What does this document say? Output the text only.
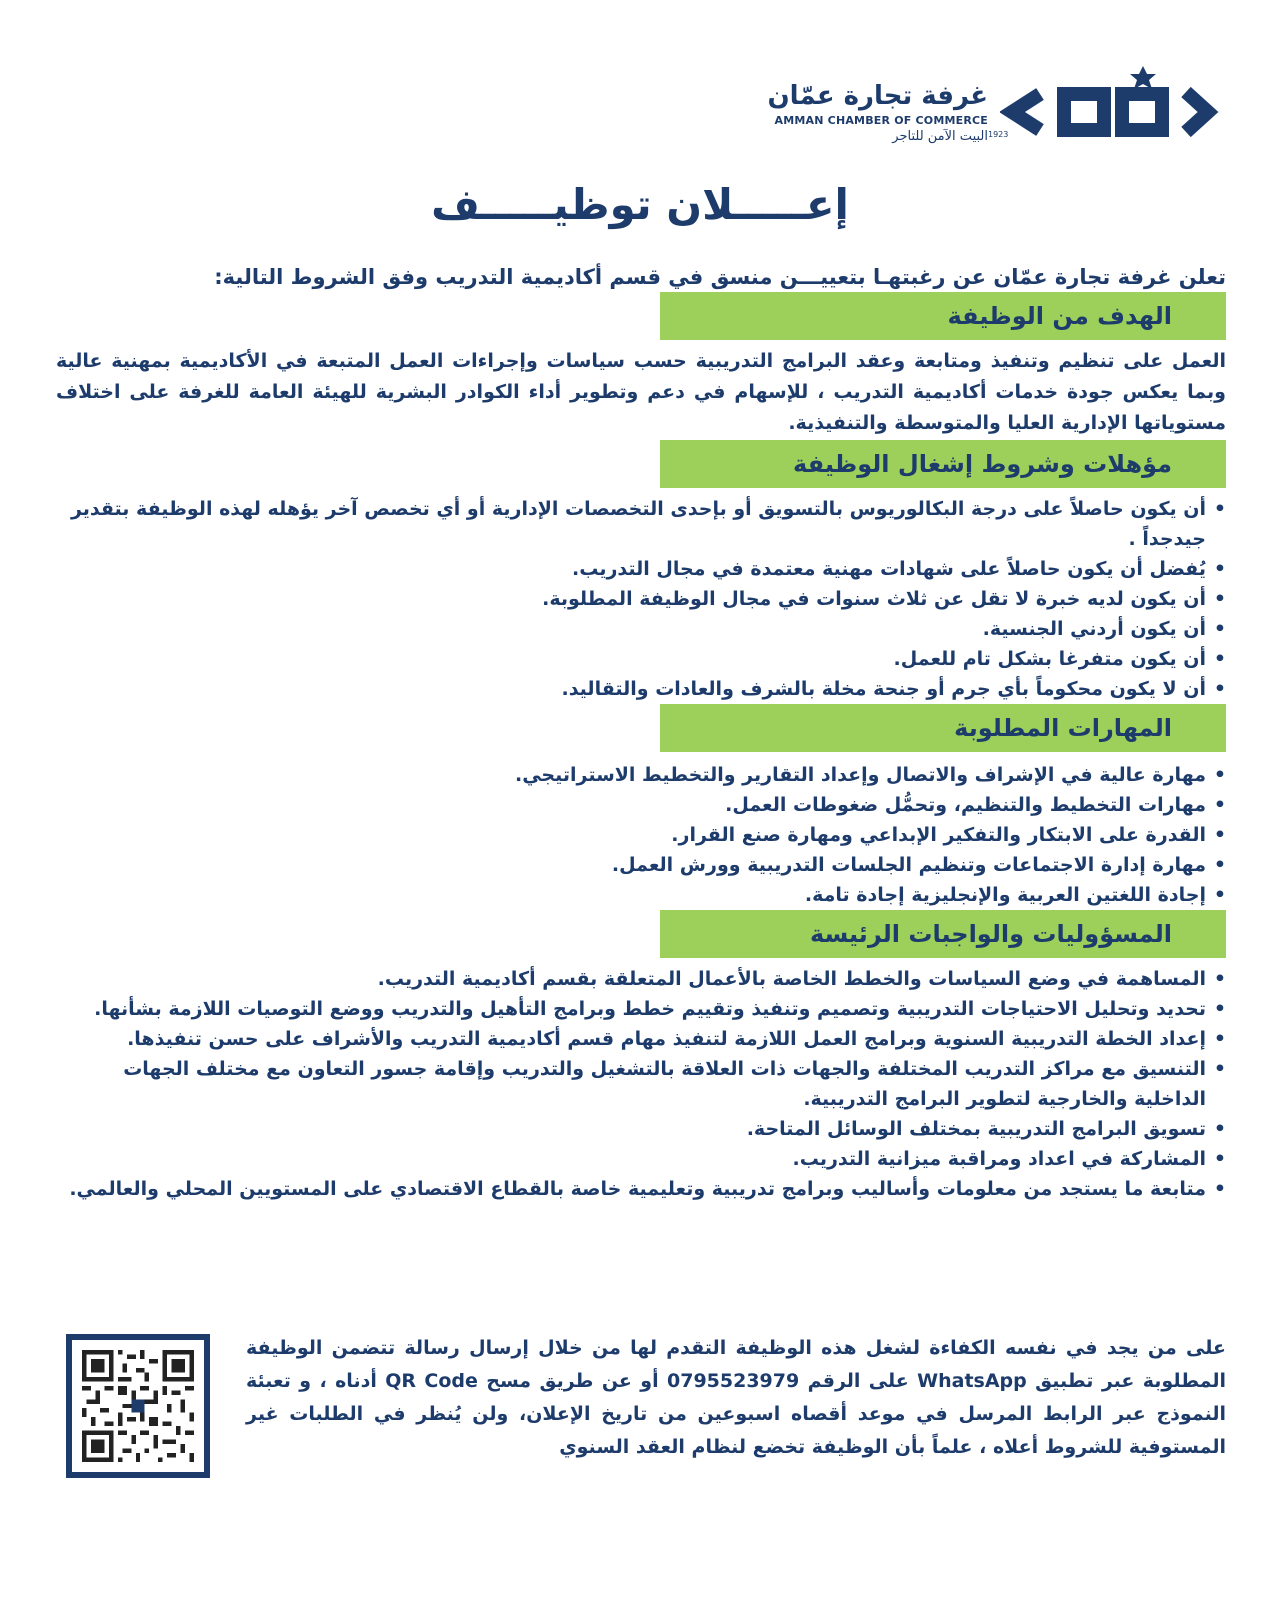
1923
غرفة تجارة عمّان
AMMAN CHAMBER OF COMMERCE
البيت الآمن للتاجر
إعـــــلان توظيـــــف
تعلن غرفة تجارة عمّان عن رغبتهـا بتعييـــن منسق في قسم أكاديمية التدريب وفق الشروط التالية:
الهدف من الوظيفة
العمل على تنظيم وتنفيذ ومتابعة وعقد البرامج التدريبية حسب سياسات وإجراءات العمل المتبعة في الأكاديمية بمهنية عالية وبما يعكس جودة خدمات أكاديمية التدريب ، للإسهام في دعم وتطوير أداء الكوادر البشرية للهيئة العامة للغرفة على اختلاف مستوياتها الإدارية العليا والمتوسطة والتنفيذية.
مؤهلات وشروط إشغال الوظيفة
• أن يكون حاصلاً على درجة البكالوريوس بالتسويق أو بإحدى التخصصات الإدارية أو أي تخصص آخر يؤهله لهذه الوظيفة بتقدير جيدجداً .
• يُفضل أن يكون حاصلاً على شهادات مهنية معتمدة في مجال التدريب.
• أن يكون لديه خبرة لا تقل عن ثلاث سنوات في مجال الوظيفة المطلوبة.
• أن يكون أردني الجنسية.
• أن يكون متفرغا بشكل تام للعمل.
• أن لا يكون محكوماً بأي جرم أو جنحة مخلة بالشرف والعادات والتقاليد.
المهارات المطلوبة
• مهارة عالية في الإشراف والاتصال وإعداد التقارير والتخطيط الاستراتيجي.
• مهارات التخطيط والتنظيم، وتحمُّل ضغوطات العمل.
• القدرة على الابتكار والتفكير الإبداعي ومهارة صنع القرار.
• مهارة إدارة الاجتماعات وتنظيم الجلسات التدريبية وورش العمل.
• إجادة اللغتين العربية والإنجليزية إجادة تامة.
المسؤوليات والواجبات الرئيسة
• المساهمة في وضع السياسات والخطط الخاصة بالأعمال المتعلقة بقسم أكاديمية التدريب.
• تحديد وتحليل الاحتياجات التدريبية وتصميم وتنفيذ وتقييم خطط وبرامج التأهيل والتدريب ووضع التوصيات اللازمة بشأنها.
• إعداد الخطة التدريبية السنوية وبرامج العمل اللازمة لتنفيذ مهام قسم أكاديمية التدريب والأشراف على حسن تنفيذها.
• التنسيق مع مراكز التدريب المختلفة والجهات ذات العلاقة بالتشغيل والتدريب وإقامة جسور التعاون مع مختلف الجهات الداخلية والخارجية لتطوير البرامج التدريبية.
• تسويق البرامج التدريبية بمختلف الوسائل المتاحة.
• المشاركة في اعداد ومراقبة ميزانية التدريب.
• متابعة ما يستجد من معلومات وأساليب وبرامج تدريبية وتعليمية خاصة بالقطاع الاقتصادي على المستويين المحلي والعالمي.
على من يجد في نفسه الكفاءة لشغل هذه الوظيفة التقدم لها من خلال إرسال رسالة تتضمن الوظيفة المطلوبة عبر تطبيق WhatsApp على الرقم 0795523979 أو عن طريق مسح QR Code أدناه ، و تعبئة النموذج عبر الرابط المرسل في موعد أقصاه اسبوعين من تاريخ الإعلان، ولن يُنظر في الطلبات غير المستوفية للشروط أعلاه ، علماً بأن الوظيفة تخضع لنظام العقد السنوي
